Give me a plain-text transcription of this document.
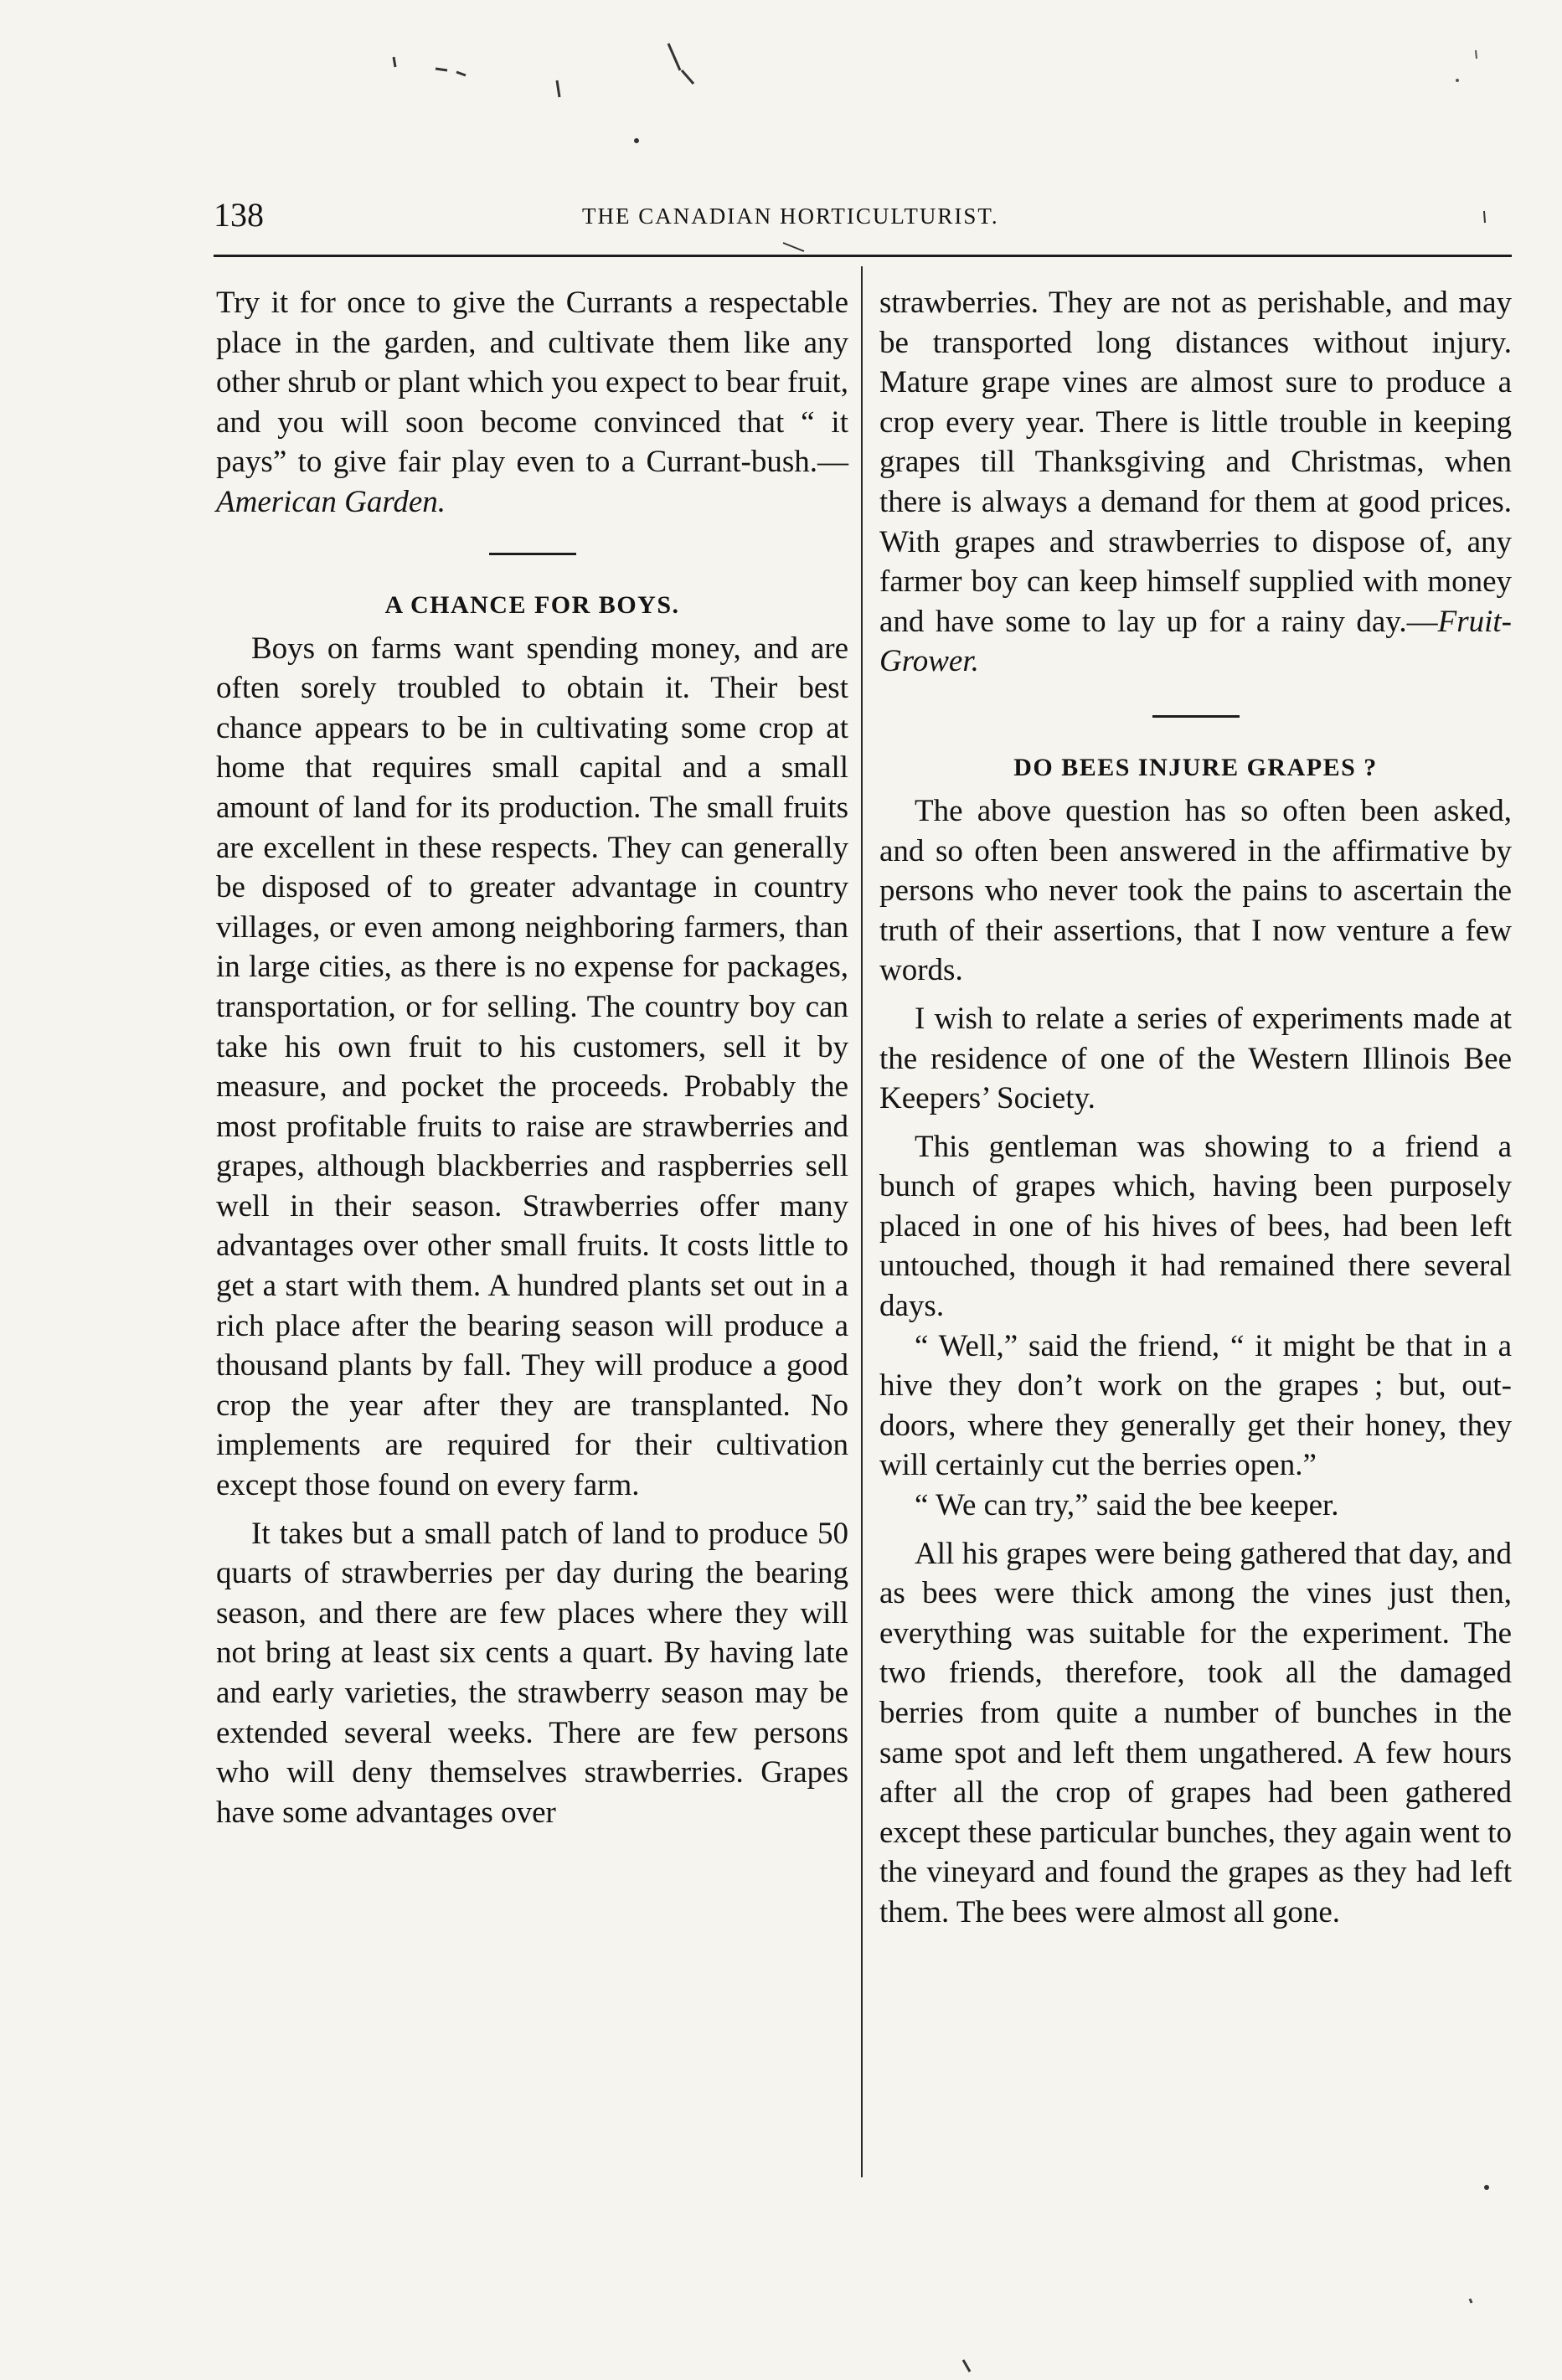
138	THE CANADIAN HORTICULTURIST.

Try it for once to give the Currants a respectable place in the garden, and cultivate them like any other shrub or plant which you expect to bear fruit, and you will soon become convinced that “ it pays” to give fair play even to a Currant-bush.—American Garden.

A CHANCE FOR BOYS.

Boys on farms want spending money, and are often sorely troubled to obtain it. Their best chance appears to be in cultivating some crop at home that requires small capital and a small amount of land for its production. The small fruits are excellent in these respects. They can generally be disposed of to greater advantage in country villages, or even among neighboring farmers, than in large cities, as there is no expense for packages, transportation, or for selling. The country boy can take his own fruit to his customers, sell it by measure, and pocket the proceeds. Probably the most profitable fruits to raise are strawberries and grapes, although blackberries and raspberries sell well in their season. Strawberries offer many advantages over other small fruits. It costs little to get a start with them. A hundred plants set out in a rich place after the bearing season will produce a thousand plants by fall. They will produce a good crop the year after they are transplanted. No implements are required for their cultivation except those found on every farm.

It takes but a small patch of land to produce 50 quarts of strawberries per day during the bearing season, and there are few places where they will not bring at least six cents a quart. By having late and early varieties, the strawberry season may be extended several weeks. There are few persons who will deny themselves strawberries. Grapes have some advantages over

strawberries. They are not as perishable, and may be transported long distances without injury. Mature grape vines are almost sure to produce a crop every year. There is little trouble in keeping grapes till Thanksgiving and Christmas, when there is always a demand for them at good prices. With grapes and strawberries to dispose of, any farmer boy can keep himself supplied with money and have some to lay up for a rainy day.—Fruit-Grower.

DO BEES INJURE GRAPES ?

The above question has so often been asked, and so often been answered in the affirmative by persons who never took the pains to ascertain the truth of their assertions, that I now venture a few words.

I wish to relate a series of experiments made at the residence of one of the Western Illinois Bee Keepers’ Society.

This gentleman was showing to a friend a bunch of grapes which, having been purposely placed in one of his hives of bees, had been left untouched, though it had remained there several days.

“ Well,” said the friend, “ it might be that in a hive they don’t work on the grapes ; but, out-doors, where they generally get their honey, they will certainly cut the berries open.”

“ We can try,” said the bee keeper.

All his grapes were being gathered that day, and as bees were thick among the vines just then, everything was suitable for the experiment. The two friends, therefore, took all the damaged berries from quite a number of bunches in the same spot and left them ungathered. A few hours after all the crop of grapes had been gathered except these particular bunches, they again went to the vineyard and found the grapes as they had left them. The bees were almost all gone.
